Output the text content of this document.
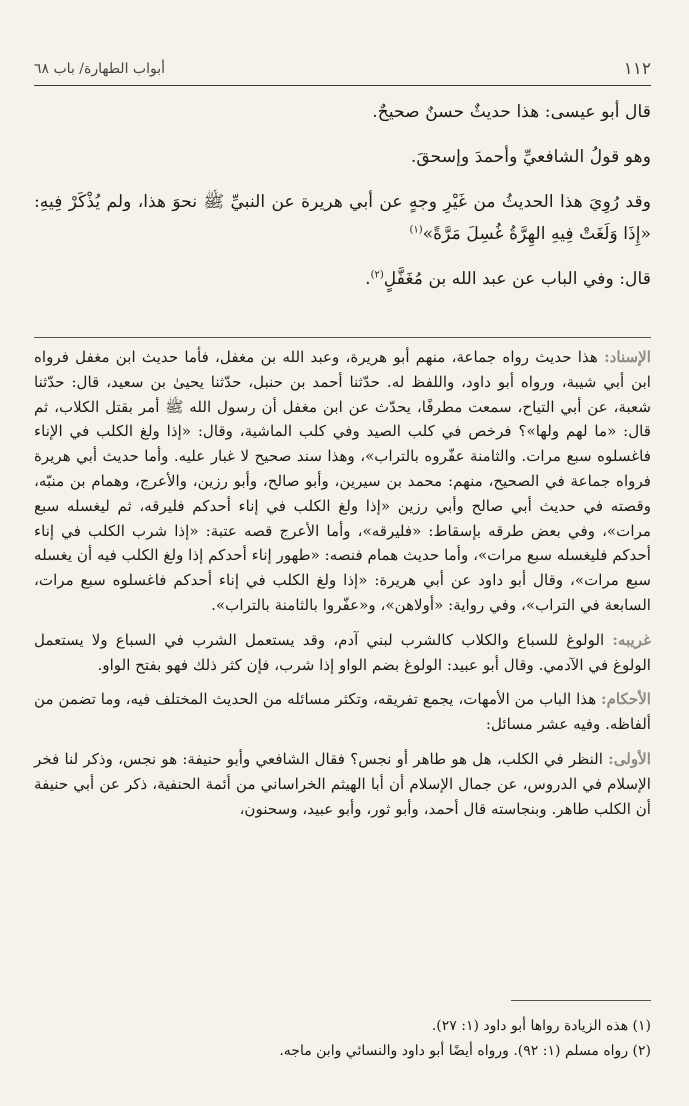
١١٢
أبواب الطهارة/ باب ٦٨

قال أبو عيسى: هذا حديثٌ حسنٌ صحيحٌ.

وهو قولُ الشافعيِّ وأحمدَ وإسحقَ.

وقد رُوِيَ هذا الحديثُ من غَيْرِ وجهٍ عن أبي هريرة عن النبيِّ ﷺ نحوَ هذا، ولم يُذْكَرْ فِيهِ: «إِذَا وَلَغَتْ فِيهِ الهِرَّةُ غُسِلَ مَرَّةً»$^{(١)}$

قال: وفي الباب عن عبد الله بن مُغَفَّلٍ$^{(٢)}$.

الإسناد: هذا حديث رواه جماعة، منهم أبو هريرة، وعبد الله بن مغفل، فأما حديث ابن مغفل فرواه ابن أبي شيبة، ورواه أبو داود، واللفظ له. حدّثنا أحمد بن حنبل، حدّثنا يحيىٰ بن سعيد، قال: حدّثنا شعبة، عن أبي التياح، سمعت مطرفًا، يحدّث عن ابن مغفل أن رسول الله ﷺ أمر بقتل الكلاب، ثم قال: «ما لهم ولها»؟ فرخص في كلب الصيد وفي كلب الماشية، وقال: «إذا ولغ الكلب في الإناء فاغسلوه سبع مرات. والثامنة عفّروه بالتراب»، وهذا سند صحيح لا غبار عليه. وأما حديث أبي هريرة فرواه جماعة في الصحيح، منهم: محمد بن سيرين، وأبو صالح، وأبو رزين، والأعرج، وهمام بن منبّه، وقصته في حديث أبي صالح وأبي رزين «إذا ولغ الكلب في إناء أحدكم فليرقه، ثم ليغسله سبع مرات»، وفي بعض طرقه بإسقاط: «فليرقه»، وأما الأعرج قصه عتبة: «إذا شرب الكلب في إناء أحدكم فليغسله سبع مرات»، وأما حديث همام فنصه: «طهور إناء أحدكم إذا ولغ الكلب فيه أن يغسله سبع مرات»، وقال أبو داود عن أبي هريرة: «إذا ولغ الكلب في إناء أحدكم فاغسلوه سبع مرات، السابعة في التراب»، وفي رواية: «أولاهن»، و«عفّروا بالثامنة بالتراب».

غريبه: الولوغ للسباع والكلاب كالشرب لبني آدم، وقد يستعمل الشرب في السباع ولا يستعمل الولوغ في الآدمي. وقال أبو عبيد: الولوغ بضم الواو إذا شرب، فإن كثر ذلك فهو بفتح الواو.

الأحكام: هذا الباب من الأمهات، يجمع تفريقه، وتكثر مسائله من الحديث المختلف فيه، وما تضمن من ألفاظه. وفيه عشر مسائل:

الأولى: النظر في الكلب، هل هو طاهر أو نجس؟ فقال الشافعي وأبو حنيفة: هو نجس، وذكر لنا فخر الإسلام في الدروس، عن جمال الإسلام أن أبا الهيثم الخراساني من أئمة الحنفية، ذكر عن أبي حنيفة أن الكلب طاهر. وبنجاسته قال أحمد، وأبو ثور، وأبو عبيد، وسحنون،

(١) هذه الزيادة رواها أبو داود (١: ٢٧).

(٢) رواه مسلم (١: ٩٢). ورواه أيضًا أبو داود والنسائي وابن ماجه.
